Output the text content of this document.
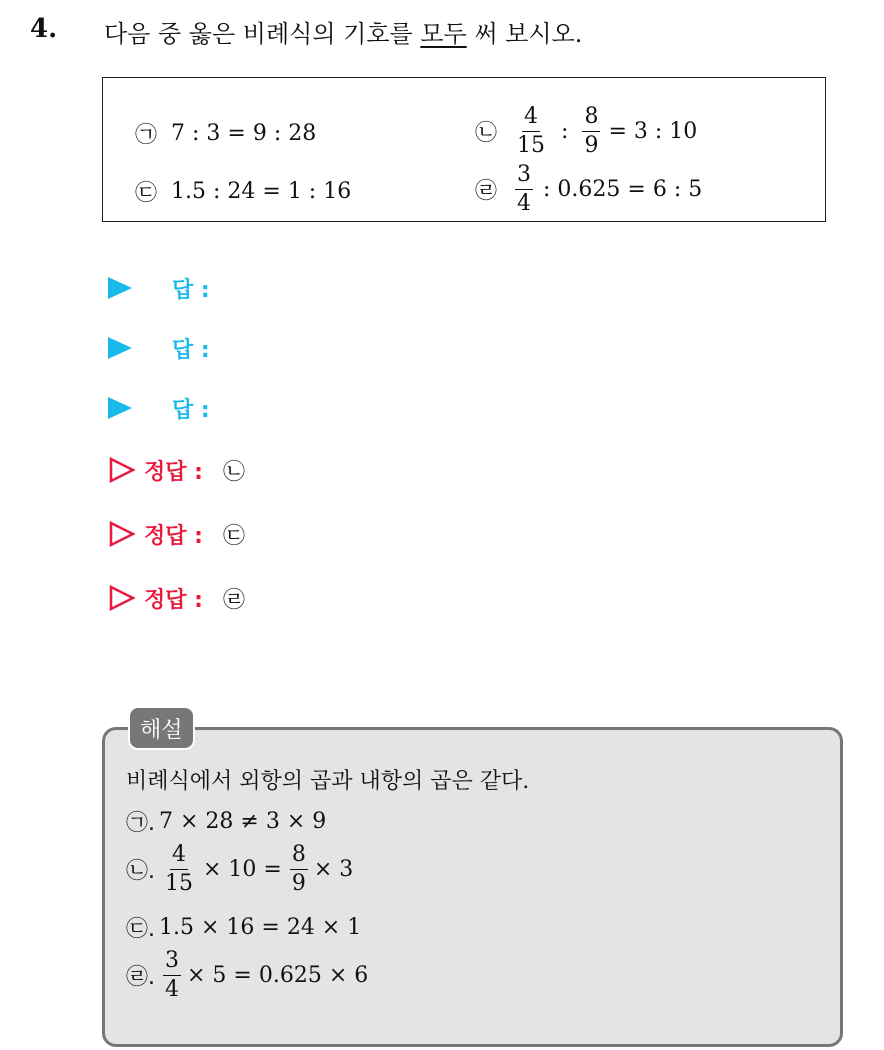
4. 다음 중 옳은 비례식의 기호를 모두 써 보시오.
㉠ 7 : 3 = 9 : 28	㉡ $\frac{4}{15}$ : $\frac{8}{9} = 3$ : 10
㉢ 1.5 : 24 = 1 : 16	㉣ $\frac{3}{4}$ : 0.625 = 6 : 5
답 :
답 :
답 :
정답 : ㉡
정답 : ㉢
정답 : ㉣
해설
비례식에서 외항의 곱과 내항의 곱은 같다.
㉠. 7 × 28 ≠ 3 × 9
㉡. $\frac{4}{15} \times 10 = \frac{8}{9} \times 3$
㉢. 1.5 × 16 = 24 × 1
㉣. $\frac{3}{4} \times 5 = 0.625 \times 6$
